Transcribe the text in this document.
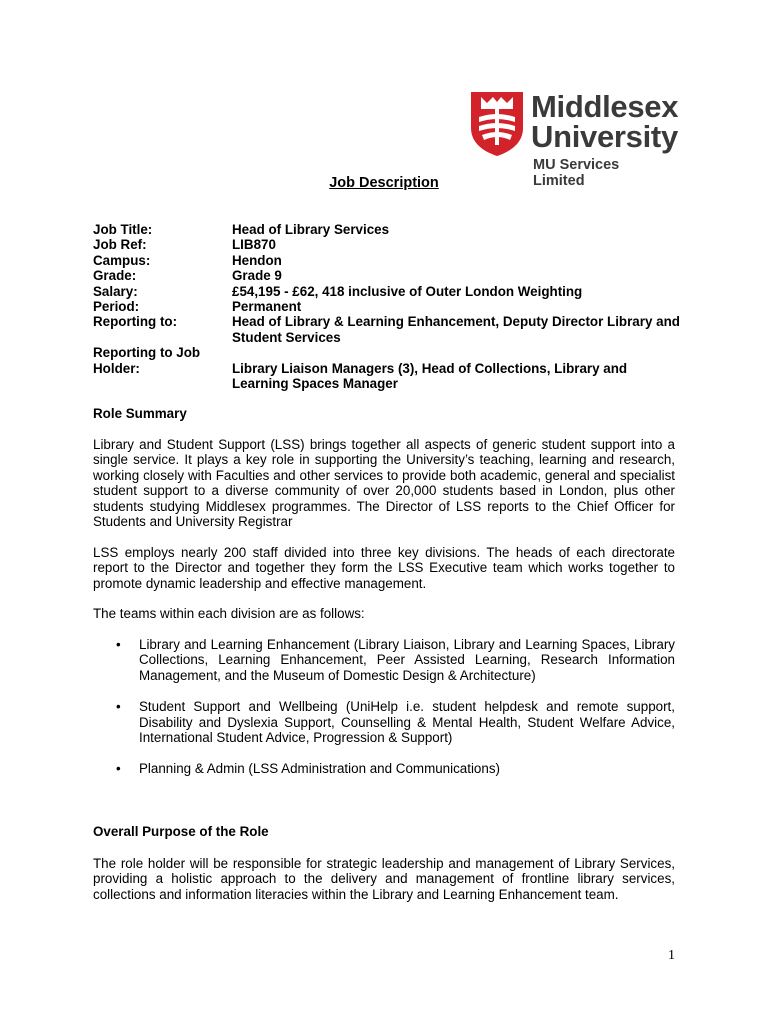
Middlesex
University
MU Services Limited
Job Description
Job Title:	Head of Library Services
Job Ref:	LIB870
Campus:	Hendon
Grade:	Grade 9
Salary:	£54,195 - £62, 418 inclusive of Outer London Weighting
Period:	Permanent
Reporting to:	Head of Library & Learning Enhancement, Deputy Director Library and Student Services
Reporting to Job Holder:	Library Liaison Managers (3), Head of Collections, Library and Learning Spaces Manager
Role Summary
Library and Student Support (LSS) brings together all aspects of generic student support into a single service. It plays a key role in supporting the University’s teaching, learning and research, working closely with Faculties and other services to provide both academic, general and specialist student support to a diverse community of over 20,000 students based in London, plus other students studying Middlesex programmes. The Director of LSS reports to the Chief Officer for Students and University Registrar
LSS employs nearly 200 staff divided into three key divisions. The heads of each directorate report to the Director and together they form the LSS Executive team which works together to promote dynamic leadership and effective management.
The teams within each division are as follows:
• Library and Learning Enhancement (Library Liaison, Library and Learning Spaces, Library Collections, Learning Enhancement, Peer Assisted Learning, Research Information Management, and the Museum of Domestic Design & Architecture)
• Student Support and Wellbeing (UniHelp i.e. student helpdesk and remote support, Disability and Dyslexia Support, Counselling & Mental Health, Student Welfare Advice, International Student Advice, Progression & Support)
• Planning & Admin (LSS Administration and Communications)
Overall Purpose of the Role
The role holder will be responsible for strategic leadership and management of Library Services, providing a holistic approach to the delivery and management of frontline library services, collections and information literacies within the Library and Learning Enhancement team.
1
